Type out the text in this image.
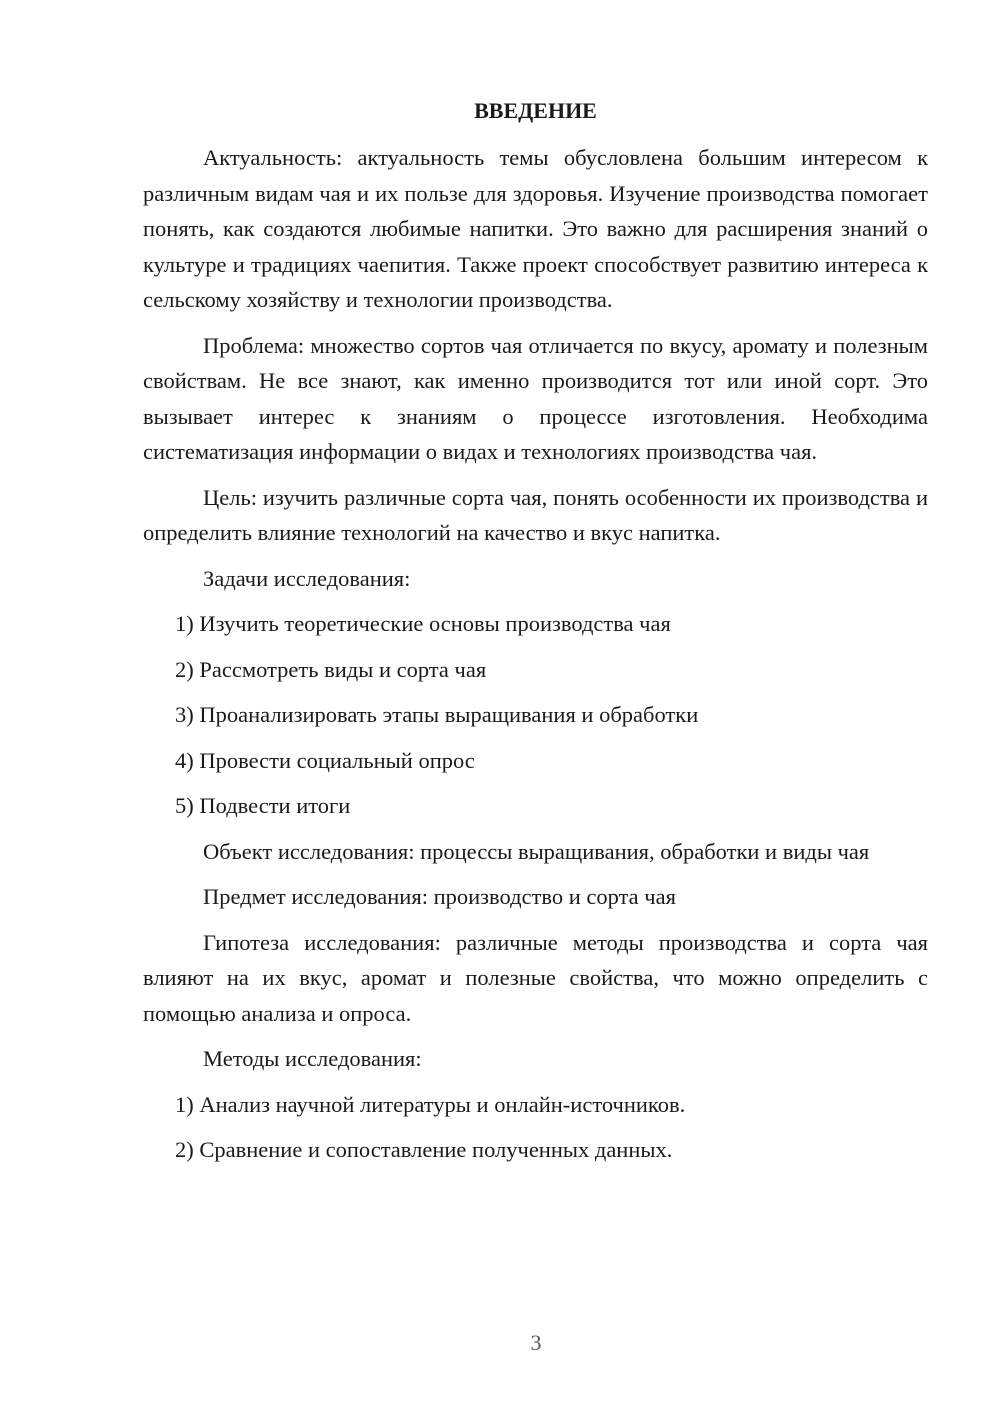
ВВЕДЕНИЕ

Актуальность: актуальность темы обусловлена большим интересом к различным видам чая и их пользе для здоровья. Изучение производства помогает понять, как создаются любимые напитки. Это важно для расширения знаний о культуре и традициях чаепития. Также проект способствует развитию интереса к сельскому хозяйству и технологии производства.

Проблема: множество сортов чая отличается по вкусу, аромату и полезным свойствам. Не все знают, как именно производится тот или иной сорт. Это вызывает интерес к знаниям о процессе изготовления. Необходима систематизация информации о видах и технологиях производства чая.

Цель: изучить различные сорта чая, понять особенности их производства и определить влияние технологий на качество и вкус напитка.

Задачи исследования:

1) Изучить теоретические основы производства чая
2) Рассмотреть виды и сорта чая
3) Проанализировать этапы выращивания и обработки
4) Провести социальный опрос
5) Подвести итоги

Объект исследования: процессы выращивания, обработки и виды чая

Предмет исследования: производство и сорта чая

Гипотеза исследования: различные методы производства и сорта чая влияют на их вкус, аромат и полезные свойства, что можно определить с помощью анализа и опроса.

Методы исследования:

1) Анализ научной литературы и онлайн-источников.
2) Сравнение и сопоставление полученных данных.
3
